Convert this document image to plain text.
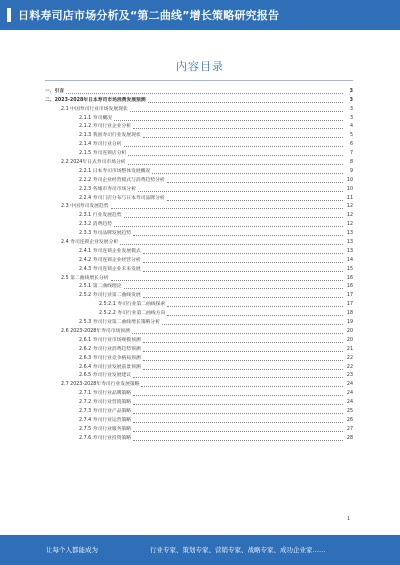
日料寿司店市场分析及“第二曲线”增长策略研究报告
内容目录
一、引言	3
二、2023-2028年日本寿司市场消费发展预测	3
2.1 中国寿司行业市场发展现状	3
2.1.1 寿司概况	3
2.1.2 寿司行业企业分析	4
2.1.3 我国寿司行业发展现状	5
2.1.4 寿司行业分析	6
2.1.5 寿司连锁店分析	7
2.2 2024年日式寿司市场分析	8
2.2.1 日本寿司市场整体发展概况	9
2.2.2 寿司企业经营模式与消费趋势分析	10
2.2.3 各城市寿司市场分析	10
2.2.4 寿司门店分布与日本寿司品牌分析	11
2.3 中国寿司发展趋势	12
2.3.1 行业发展趋势	12
2.3.2 消费趋势	12
2.3.3 寿司品牌发展趋势	13
2.4 寿司连锁企业发展分析	13
2.4.1 寿司连锁企业发展模式	13
2.4.2 寿司连锁企业经营分析	14
2.4.3 寿司连锁企业未来发展	15
2.5 第二曲线增长分析	16
2.5.1 第二曲线理论	16
2.5.2 寿司行业第二曲线发展	17
2.5.2.1 寿司行业第二曲线探索	17
2.5.2.2 寿司行业第二曲线方向	18
2.5.3 寿司行业第二曲线增长策略分析	19
2.6 2023-2028年寿司市场预测	20
2.6.1 寿司行业市场规模预测	20
2.6.2 寿司行业消费趋势预测	21
2.6.3 寿司行业竞争格局预测	22
2.6.4 寿司行业发展前景预测	22
2.6.5 寿司行业发展建议	23
2.7 2023-2028年寿司行业发展策略	24
2.7.1 寿司行业品牌策略	24
2.7.2 寿司行业营销策略	24
2.7.3 寿司行业产品策略	25
2.7.4 寿司行业运营策略	26
2.7.5 寿司行业服务策略	27
2.7.6 寿司行业投资策略	28
1
让每个人都能成为	行业专家、策划专家、营销专家、战略专家、成功企业家……
